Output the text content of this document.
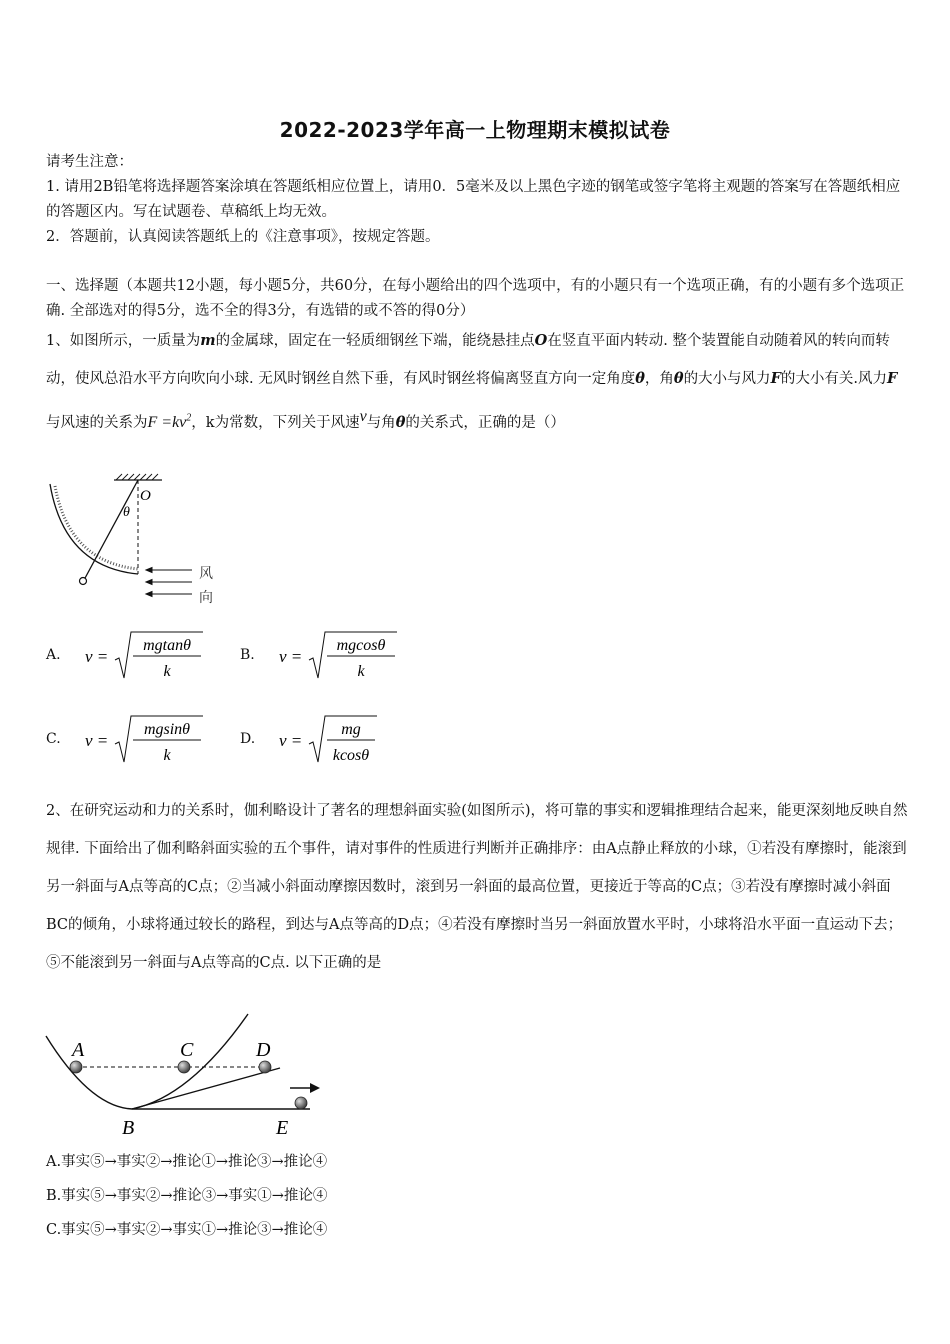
2022-2023学年高一上物理期末模拟试卷
请考生注意：
1. 请用2B铅笔将选择题答案涂填在答题纸相应位置上，请用0．5毫米及以上黑色字迹的钢笔或签字笔将主观题的答案写在答题纸相应的答题区内。写在试题卷、草稿纸上均无效。
2．答题前，认真阅读答题纸上的《注意事项》，按规定答题。
一、选择题（本题共12小题，每小题5分，共60分，在每小题给出的四个选项中，有的小题只有一个选项正确，有的小题有多个选项正确. 全部选对的得5分，选不全的得3分，有选错的或不答的得0分）
1、如图所示，一质量为m的金属球，固定在一轻质细钢丝下端，能绕悬挂点O在竖直平面内转动. 整个装置能自动随着风的转向而转动，使风总沿水平方向吹向小球. 无风时钢丝自然下垂，有风时钢丝将偏离竖直方向一定角度θ，角θ的大小与风力F的大小有关.风力F与风速的关系为$F =kv^2$，k为常数，下列关于风速$^v$与角θ的关系式，正确的是（）
O
θ
风
向
A. v =
mgtanθ
k
B. v =
mgcosθ
k
C. v =
mgsinθ
k
D. v =
mg
kcosθ
2、在研究运动和力的关系时，伽利略设计了著名的理想斜面实验(如图所示)，将可靠的事实和逻辑推理结合起来，能更深刻地反映自然规律. 下面给出了伽利略斜面实验的五个事件，请对事件的性质进行判断并正确排序：由A点静止释放的小球，①若没有摩擦时，能滚到另一斜面与A点等高的C点；②当减小斜面动摩擦因数时，滚到另一斜面的最高位置，更接近于等高的C点；③若没有摩擦时减小斜面BC的倾角，小球将通过较长的路程，到达与A点等高的D点；④若没有摩擦时当另一斜面放置水平时，小球将沿水平面一直运动下去；⑤不能滚到另一斜面与A点等高的C点. 以下正确的是
A	C	D
B	E
A.事实⑤→事实②→推论①→推论③→推论④
B.事实⑤→事实②→推论③→事实①→推论④
C.事实⑤→事实②→事实①→推论③→推论④
